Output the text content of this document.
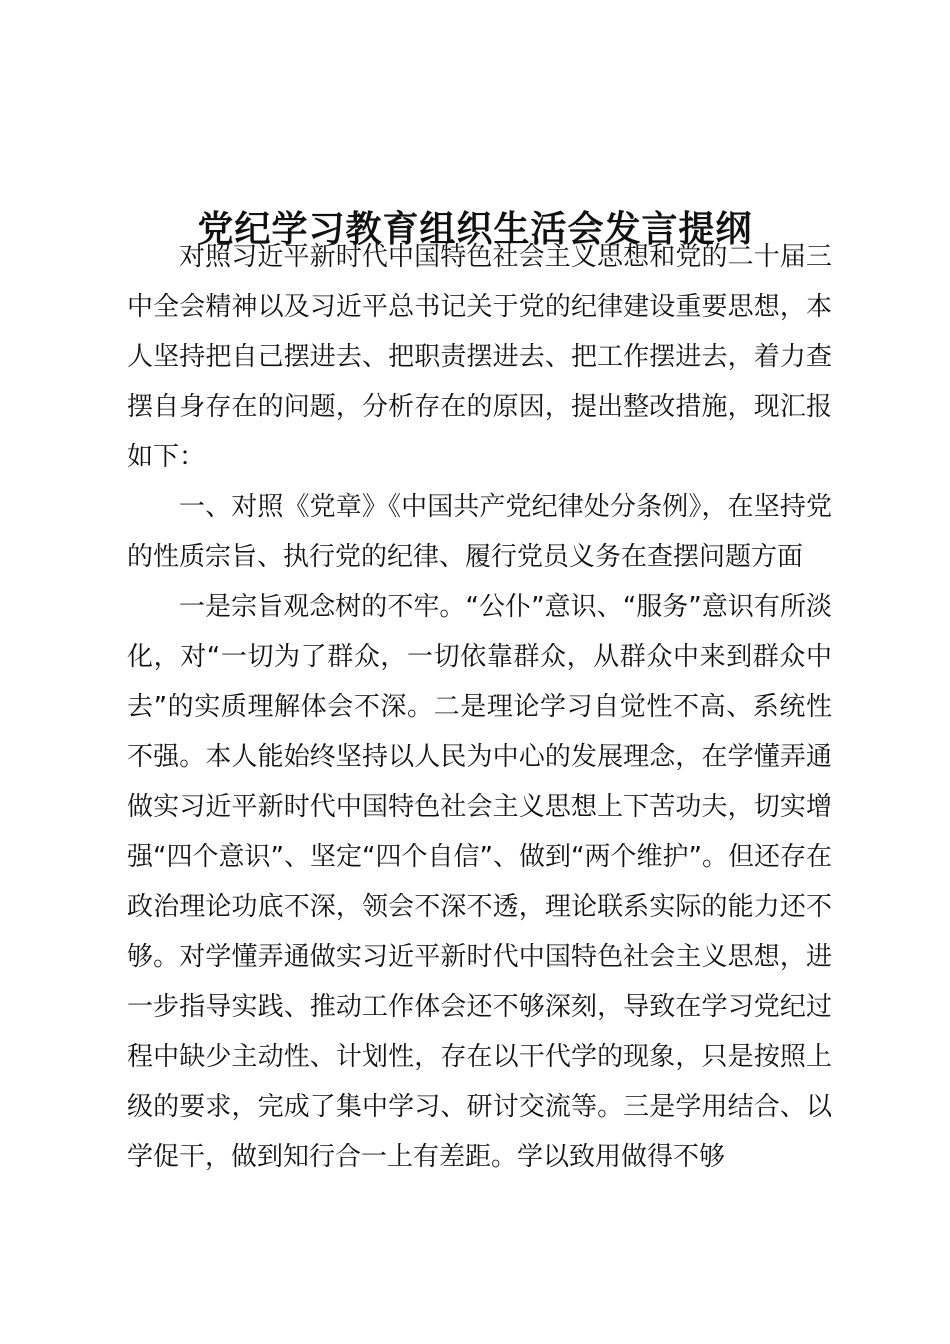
党纪学习教育组织生活会发言提纲

对照习近平新时代中国特色社会主义思想和党的二十届三中全会精神以及习近平总书记关于党的纪律建设重要思想，本人坚持把自己摆进去、把职责摆进去、把工作摆进去，着力查摆自身存在的问题，分析存在的原因，提出整改措施，现汇报如下：

一、对照《党章》《中国共产党纪律处分条例》，在坚持党的性质宗旨、执行党的纪律、履行党员义务在查摆问题方面

一是宗旨观念树的不牢。“公仆”意识、“服务”意识有所淡化，对“一切为了群众，一切依靠群众，从群众中来到群众中去”的实质理解体会不深。二是理论学习自觉性不高、系统性不强。本人能始终坚持以人民为中心的发展理念，在学懂弄通做实习近平新时代中国特色社会主义思想上下苦功夫，切实增强“四个意识”、坚定“四个自信”、做到“两个维护”。但还存在政治理论功底不深，领会不深不透，理论联系实际的能力还不够。对学懂弄通做实习近平新时代中国特色社会主义思想，进一步指导实践、推动工作体会还不够深刻，导致在学习党纪过程中缺少主动性、计划性，存在以干代学的现象，只是按照上级的要求，完成了集中学习、研讨交流等。三是学用结合、以学促干，做到知行合一上有差距。学以致用做得不够
